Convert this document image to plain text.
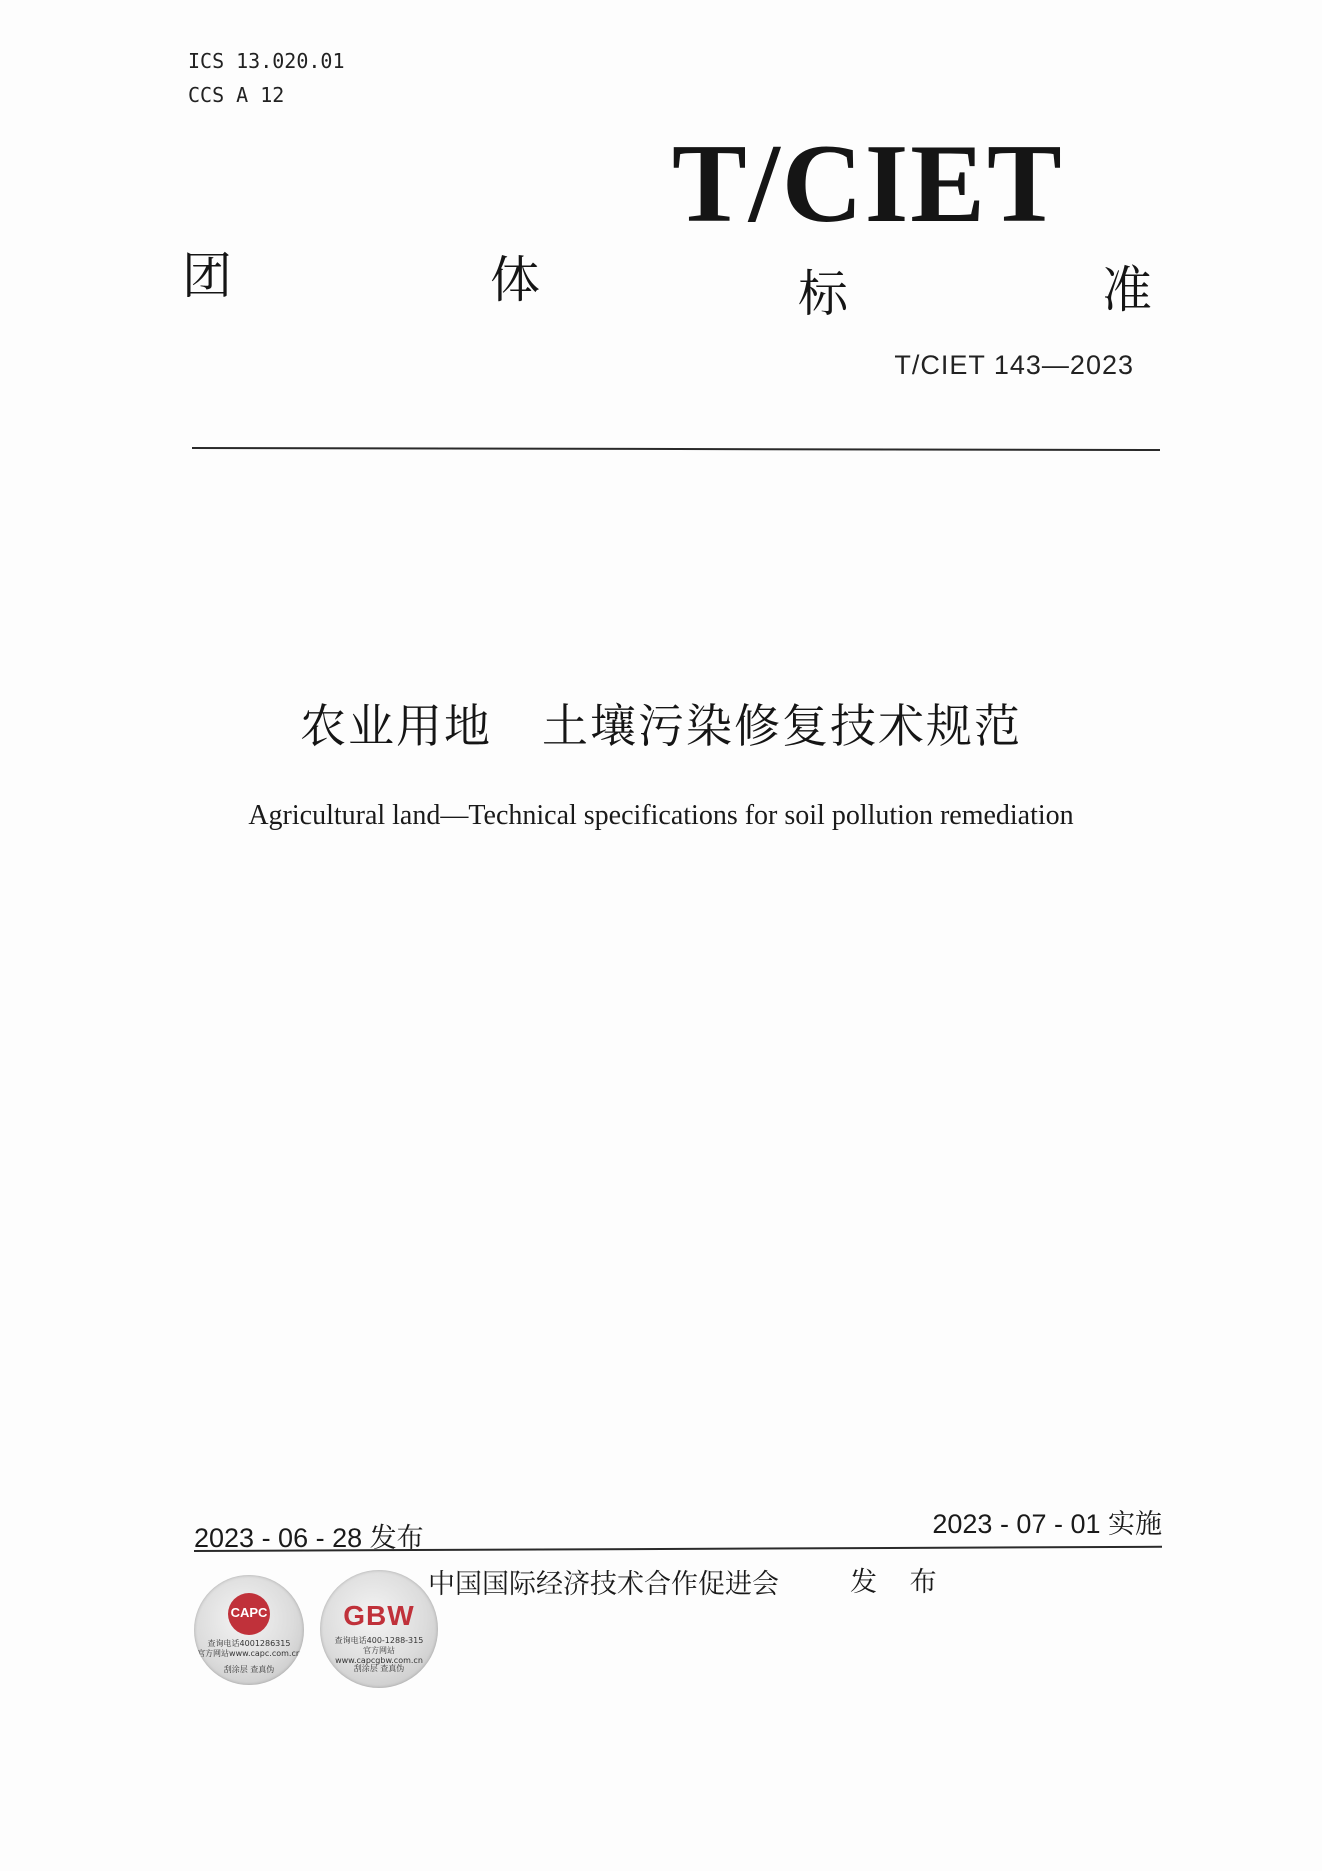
ICS 13.020.01
CCS A 12
T/CIET
团	体	标	准
T/CIET 143—2023
农业用地 土壤污染修复技术规范
Agricultural land—Technical specifications for soil pollution remediation
2023 - 06 - 28 发布	2023 - 07 - 01 实施
CAPC
查询电话4001286315
官方网站www.capc.com.cn
刮涂层 查真伪
GBW
查询电话400-1288-315
官方网站www.capcgbw.com.cn
刮涂层 查真伪
中国国际经济技术合作促进会	发 布
